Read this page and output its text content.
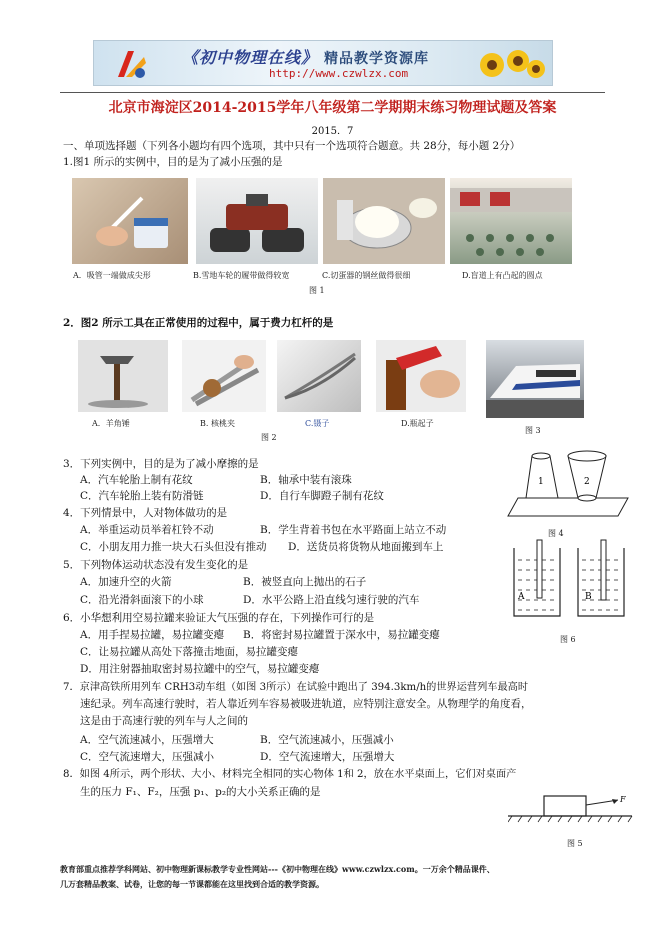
《初中物理在线》 精品教学资源库
http://www.czwlzx.com
北京市海淀区2014-2015学年八年级第二学期期末练习物理试题及答案
2015．7
一、单项选择题（下列各小题均有四个选项，其中只有一个选项符合题意。共 28分，每小题 2分）
1.图1 所示的实例中，目的是为了减小压强的是
A．吸管一端做成尖形	B.雪地车轮的履带做得较宽	C.切蛋器的钢丝做得很细	D.盲道上有凸起的圆点
图 1
2．图2 所示工具在正常使用的过程中，属于费力杠杆的是
A．羊角锤	B. 核桃夹	C.镊子	D.瓶起子
图 2
图 3
3．下列实例中，目的是为了减小摩擦的是
A．汽车轮胎上制有花纹	B．轴承中装有滚珠
C．汽车轮胎上装有防滑链	D．自行车脚蹬子制有花纹
4．下列情景中，人对物体做功的是
A．举重运动员举着杠铃不动	B．学生背着书包在水平路面上站立不动
C．小朋友用力推一块大石头但没有推动 D．送货员将货物从地面搬到车上
5．下列物体运动状态没有发生变化的是
A．加速升空的火箭	B．被竖直向上抛出的石子
C．沿光滑斜面滚下的小球	D．水平公路上沿直线匀速行驶的汽车
6．小华想利用空易拉罐来验证大气压强的存在，下列操作可行的是
A．用手捏易拉罐，易拉罐变瘪 B．将密封易拉罐置于深水中，易拉罐变瘪
C．让易拉罐从高处下落撞击地面，易拉罐变瘪
D．用注射器抽取密封易拉罐中的空气，易拉罐变瘪
7．京津高铁所用列车 CRH3动车组（如图 3所示）在试验中跑出了 394.3km/h的世界运营列车最高时
速纪录。列车高速行驶时，若人靠近列车容易被吸进轨道，应特别注意安全。从物理学的角度看，
这是由于高速行驶的列车与人之间的
A．空气流速减小，压强增大	B．空气流速减小，压强减小
C．空气流速增大，压强减小	D．空气流速增大，压强增大
8．如图 4所示，两个形状、大小、材料完全相同的实心物体 1和 2，放在水平桌面上，它们对桌面产
生的压力 F₁、F₂，压强 p₁、p₂的大小关系正确的是
1	2
图 4
A	B
图 6
F
图 5
教育部重点推荐学科网站、初中物理新课标教学专业性网站---《初中物理在线》www.czwlzx.com。一万余个精品课件、
几万套精品教案、试卷，让您的每一节课都能在这里找到合适的教学资源。
